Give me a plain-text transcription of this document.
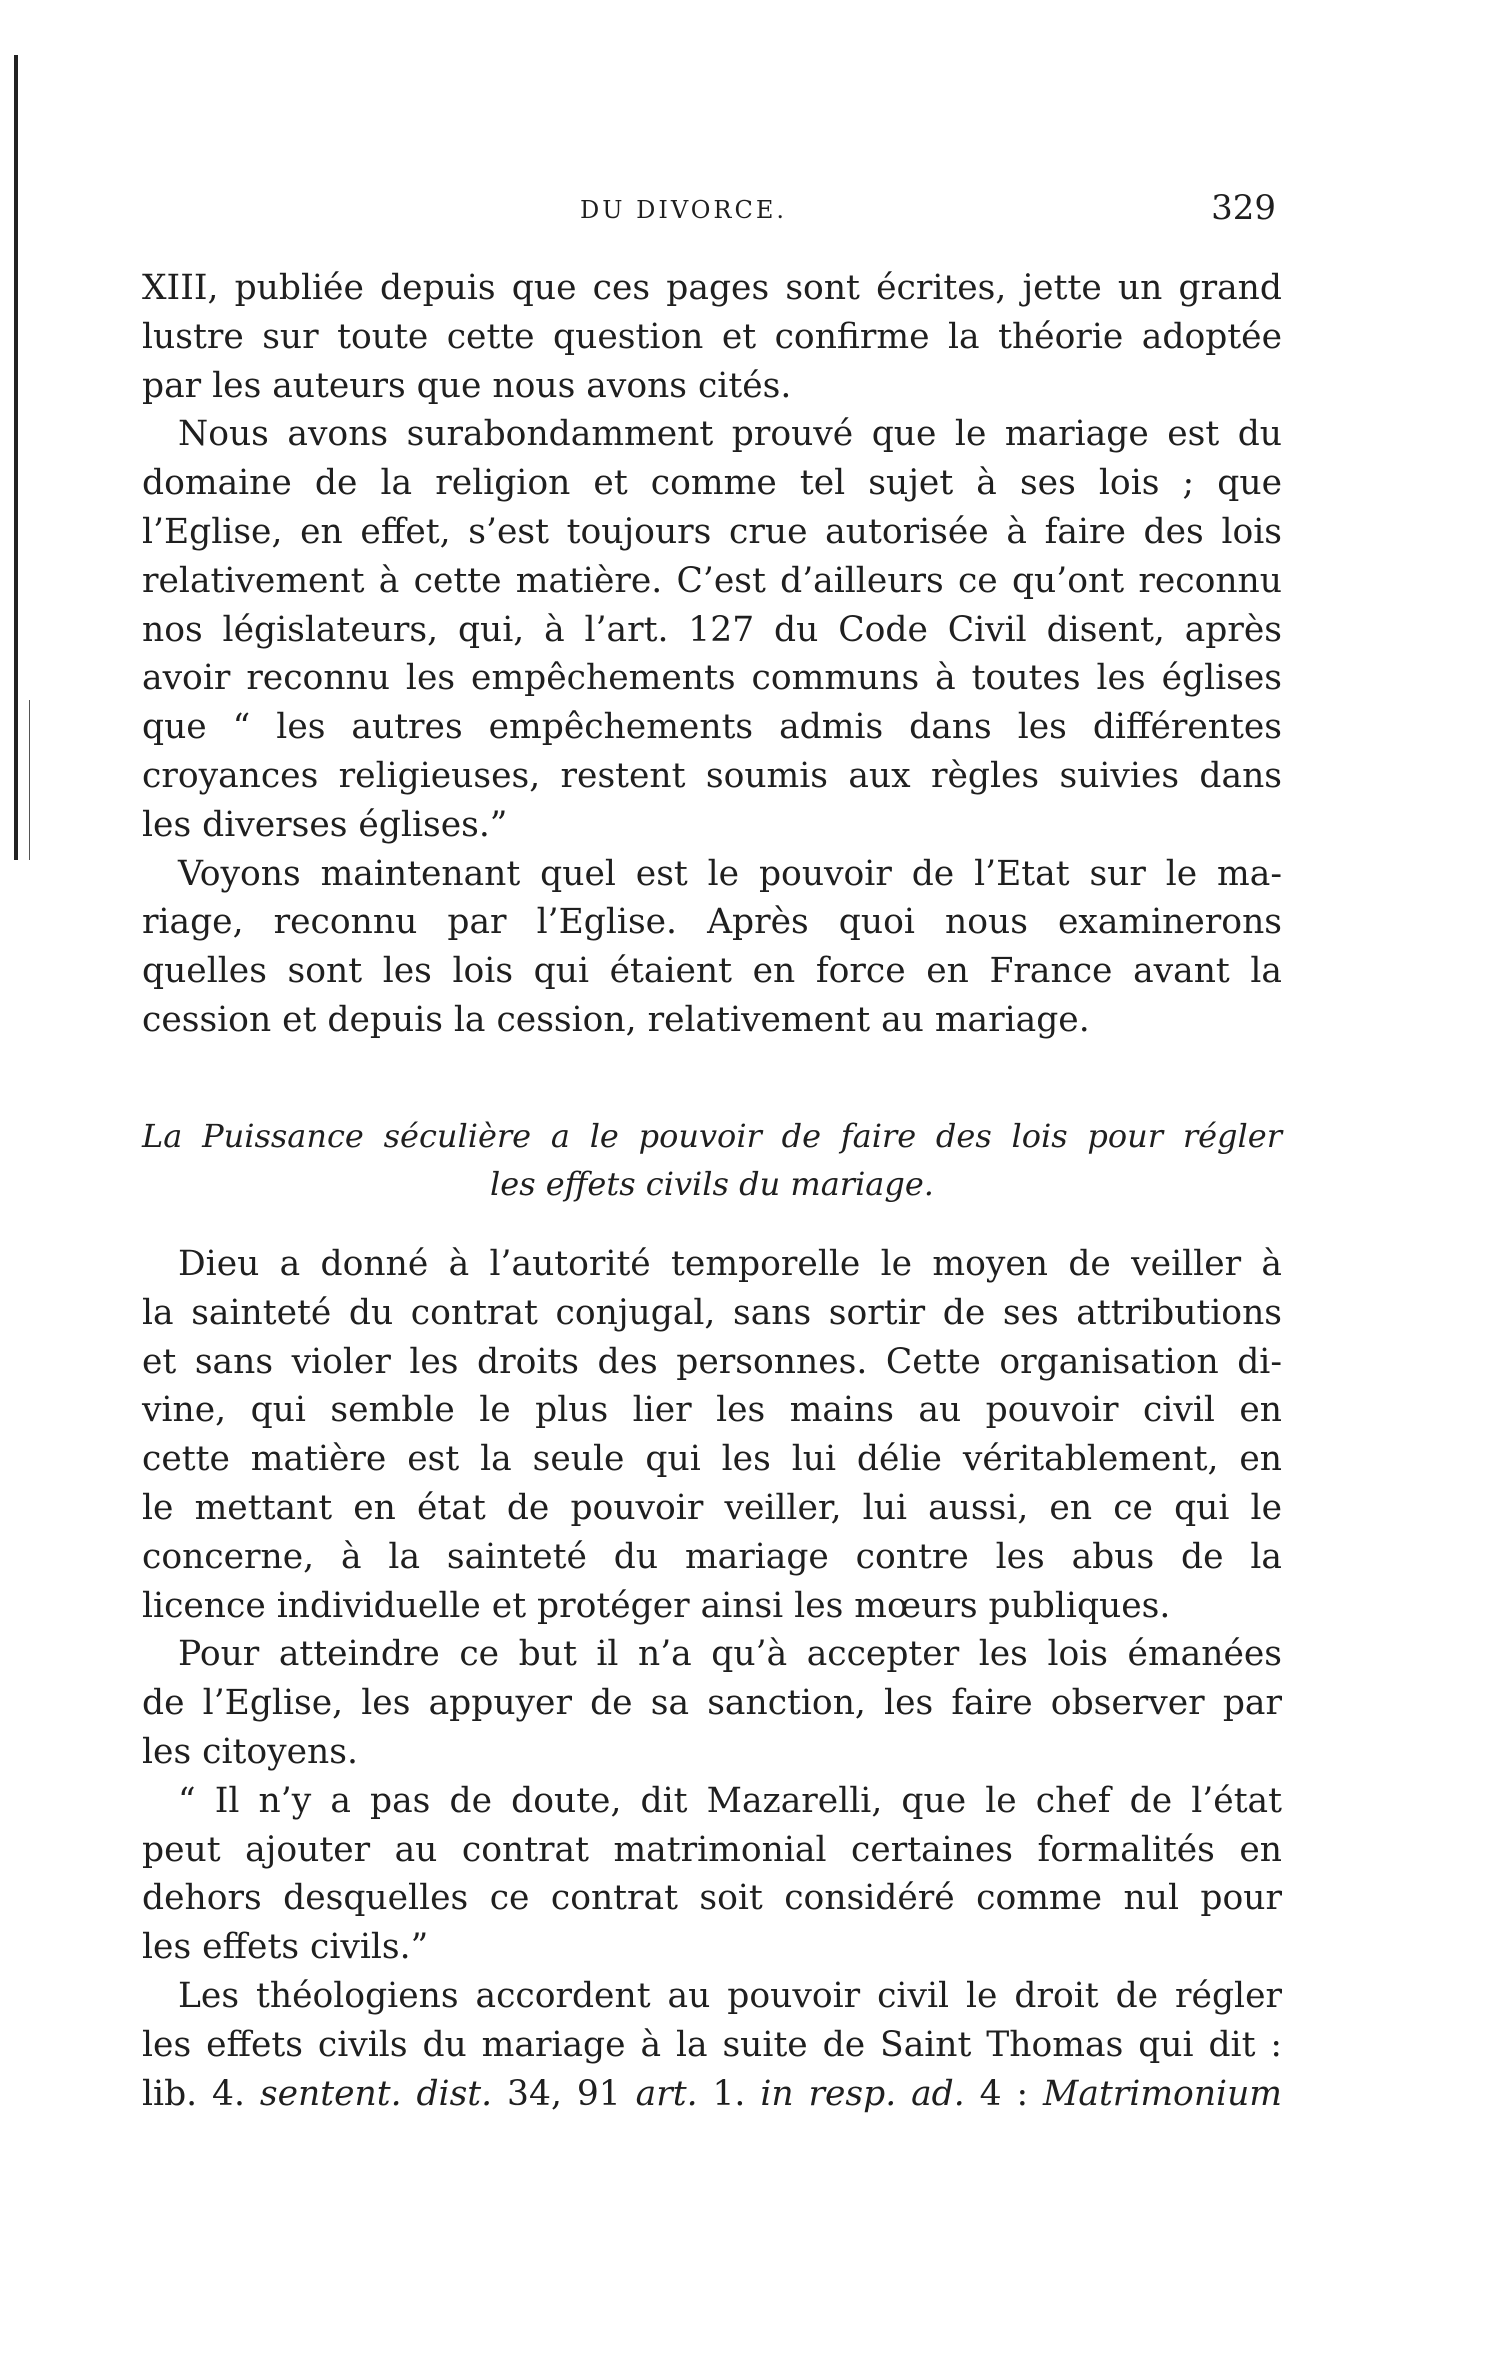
DU DIVORCE.	329
XIII, publiée depuis que ces pages sont écrites, jette un grand
lustre sur toute cette question et confirme la théorie adoptée
par les auteurs que nous avons cités.
Nous avons surabondamment prouvé que le mariage est du
domaine de la religion et comme tel sujet à ses lois ; que
l’Eglise, en effet, s’est toujours crue autorisée à faire des lois
relativement à cette matière. C’est d’ailleurs ce qu’ont reconnu
nos législateurs, qui, à l’art. 127 du Code Civil disent, après
avoir reconnu les empêchements communs à toutes les églises
que “ les autres empêchements admis dans les différentes
croyances religieuses, restent soumis aux règles suivies dans
les diverses églises.”
Voyons maintenant quel est le pouvoir de l’Etat sur le ma-
riage, reconnu par l’Eglise. Après quoi nous examinerons
quelles sont les lois qui étaient en force en France avant la
cession et depuis la cession, relativement au mariage.
La Puissance séculière a le pouvoir de faire des lois pour régler
les effets civils du mariage.
Dieu a donné à l’autorité temporelle le moyen de veiller à
la sainteté du contrat conjugal, sans sortir de ses attributions
et sans violer les droits des personnes. Cette organisation di-
vine, qui semble le plus lier les mains au pouvoir civil en
cette matière est la seule qui les lui délie véritablement, en
le mettant en état de pouvoir veiller, lui aussi, en ce qui le
concerne, à la sainteté du mariage contre les abus de la
licence individuelle et protéger ainsi les mœurs publiques.
Pour atteindre ce but il n’a qu’à accepter les lois émanées
de l’Eglise, les appuyer de sa sanction, les faire observer par
les citoyens.
“ Il n’y a pas de doute, dit Mazarelli, que le chef de l’état
peut ajouter au contrat matrimonial certaines formalités en
dehors desquelles ce contrat soit considéré comme nul pour
les effets civils.”
Les théologiens accordent au pouvoir civil le droit de régler
les effets civils du mariage à la suite de Saint Thomas qui dit :
lib. 4. sentent. dist. 34, 91 art. 1. in resp. ad. 4 : Matrimonium
